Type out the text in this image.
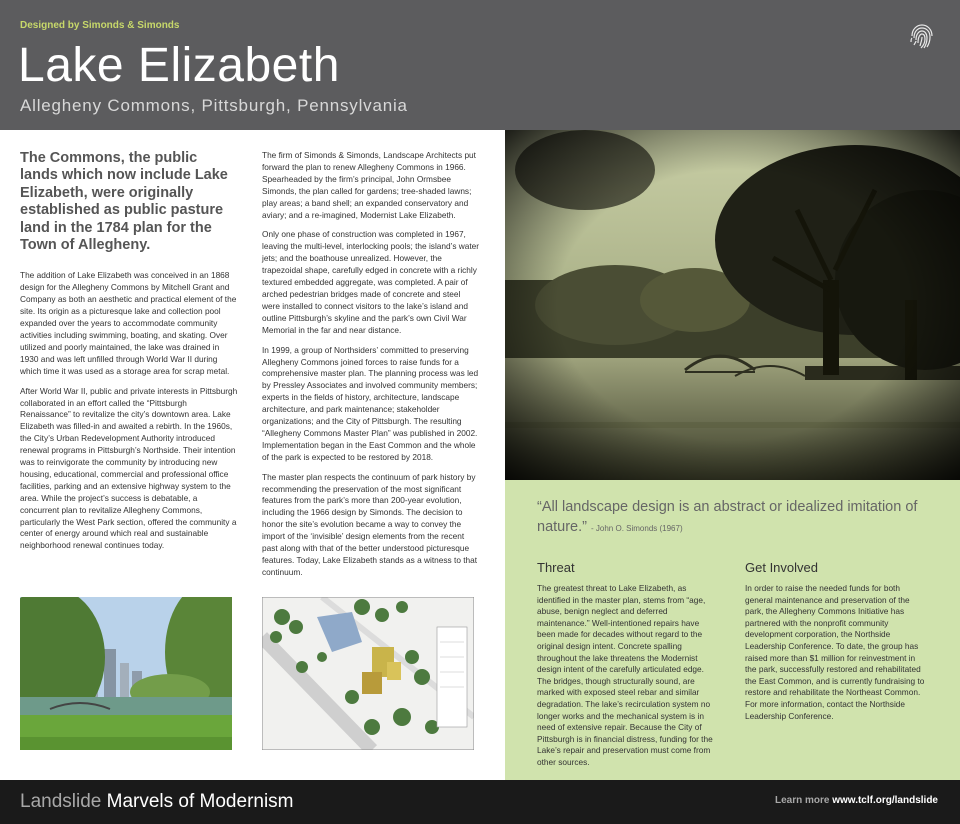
Designed by Simonds & Simonds
Lake Elizabeth
Allegheny Commons, Pittsburgh, Pennsylvania
The Commons, the public lands which now include Lake Elizabeth, were originally established as public pasture land in the 1784 plan for the Town of Allegheny.

The addition of Lake Elizabeth was conceived in an 1868 design for the Allegheny Commons by Mitchell Grant and Company as both an aesthetic and practical element of the site. Its origin as a picturesque lake and collection pool expanded over the years to accommodate community activities including swimming, boating, and skating. Over utilized and poorly maintained, the lake was drained in 1930 and was left unfilled through World War II during which time it was used as a storage area for scrap metal.

After World War II, public and private interests in Pittsburgh collaborated in an effort called the “Pittsburgh Renaissance” to revitalize the city’s downtown area. Lake Elizabeth was filled-in and awaited a rebirth. In the 1960s, the City’s Urban Redevelopment Authority introduced renewal programs in Pittsburgh’s Northside. Their intention was to reinvigorate the community by introducing new housing, educational, commercial and professional office facilities, parking and an extensive highway system to the area. While the project’s success is debatable, a concurrent plan to revitalize Allegheny Commons, particularly the West Park section, offered the community a center of energy around which real and sustainable neighborhood renewal continues today.

The firm of Simonds & Simonds, Landscape Architects put forward the plan to renew Allegheny Commons in 1966. Spearheaded by the firm’s principal, John Ormsbee Simonds, the plan called for gardens; tree-shaded lawns; play areas; a band shell; an expanded conservatory and aviary; and a re-imagined, Modernist Lake Elizabeth.

Only one phase of construction was completed in 1967, leaving the multi-level, interlocking pools; the island’s water jets; and the boathouse unrealized. However, the trapezoidal shape, carefully edged in concrete with a richly textured embedded aggregate, was completed. A pair of arched pedestrian bridges made of concrete and steel were installed to connect visitors to the lake’s island and outline Pittsburgh’s skyline and the park’s own Civil War Memorial in the far and near distance.

In 1999, a group of Northsiders’ committed to preserving Allegheny Commons joined forces to raise funds for a comprehensive master plan. The planning process was led by Pressley Associates and involved community members; experts in the fields of history, architecture, landscape architecture, and park maintenance; stakeholder organizations; and the City of Pittsburgh. The resulting “Allegheny Commons Master Plan” was published in 2002. Implementation began in the East Common and the whole of the park is expected to be restored by 2018.

The master plan respects the continuum of park history by recommending the preservation of the most significant features from the park’s more than 200-year evolution, including the 1966 design by Simonds. The decision to honor the site’s evolution became a way to convey the import of the ‘invisible’ design elements from the recent past along with that of the better understood picturesque features. Today, Lake Elizabeth stands as a witness to that continuum.

“All landscape design is an abstract or idealized imitation of nature.” - John O. Simonds (1967)
Threat
The greatest threat to Lake Elizabeth, as identified in the master plan, stems from “age, abuse, benign neglect and deferred maintenance.” Well-intentioned repairs have been made for decades without regard to the original design intent. Concrete spalling throughout the lake threatens the Modernist design intent of the carefully articulated edge. The bridges, though structurally sound, are marked with exposed steel rebar and similar degradation. The lake’s recirculation system no longer works and the mechanical system is in need of extensive repair. Because the City of Pittsburgh is in financial distress, funding for the Lake’s repair and preservation must come from other sources.
Get Involved
In order to raise the needed funds for both general maintenance and preservation of the park, the Allegheny Commons Initiative has partnered with the nonprofit community development corporation, the Northside Leadership Conference. To date, the group has raised more than $1 million for reinvestment in the park, successfully restored and rehabilitated the East Common, and is currently fundraising to restore and rehabilitate the Northeast Common. For more information, contact the Northside Leadership Conference.
Landslide Marvels of Modernism	Learn more www.tclf.org/landslide
